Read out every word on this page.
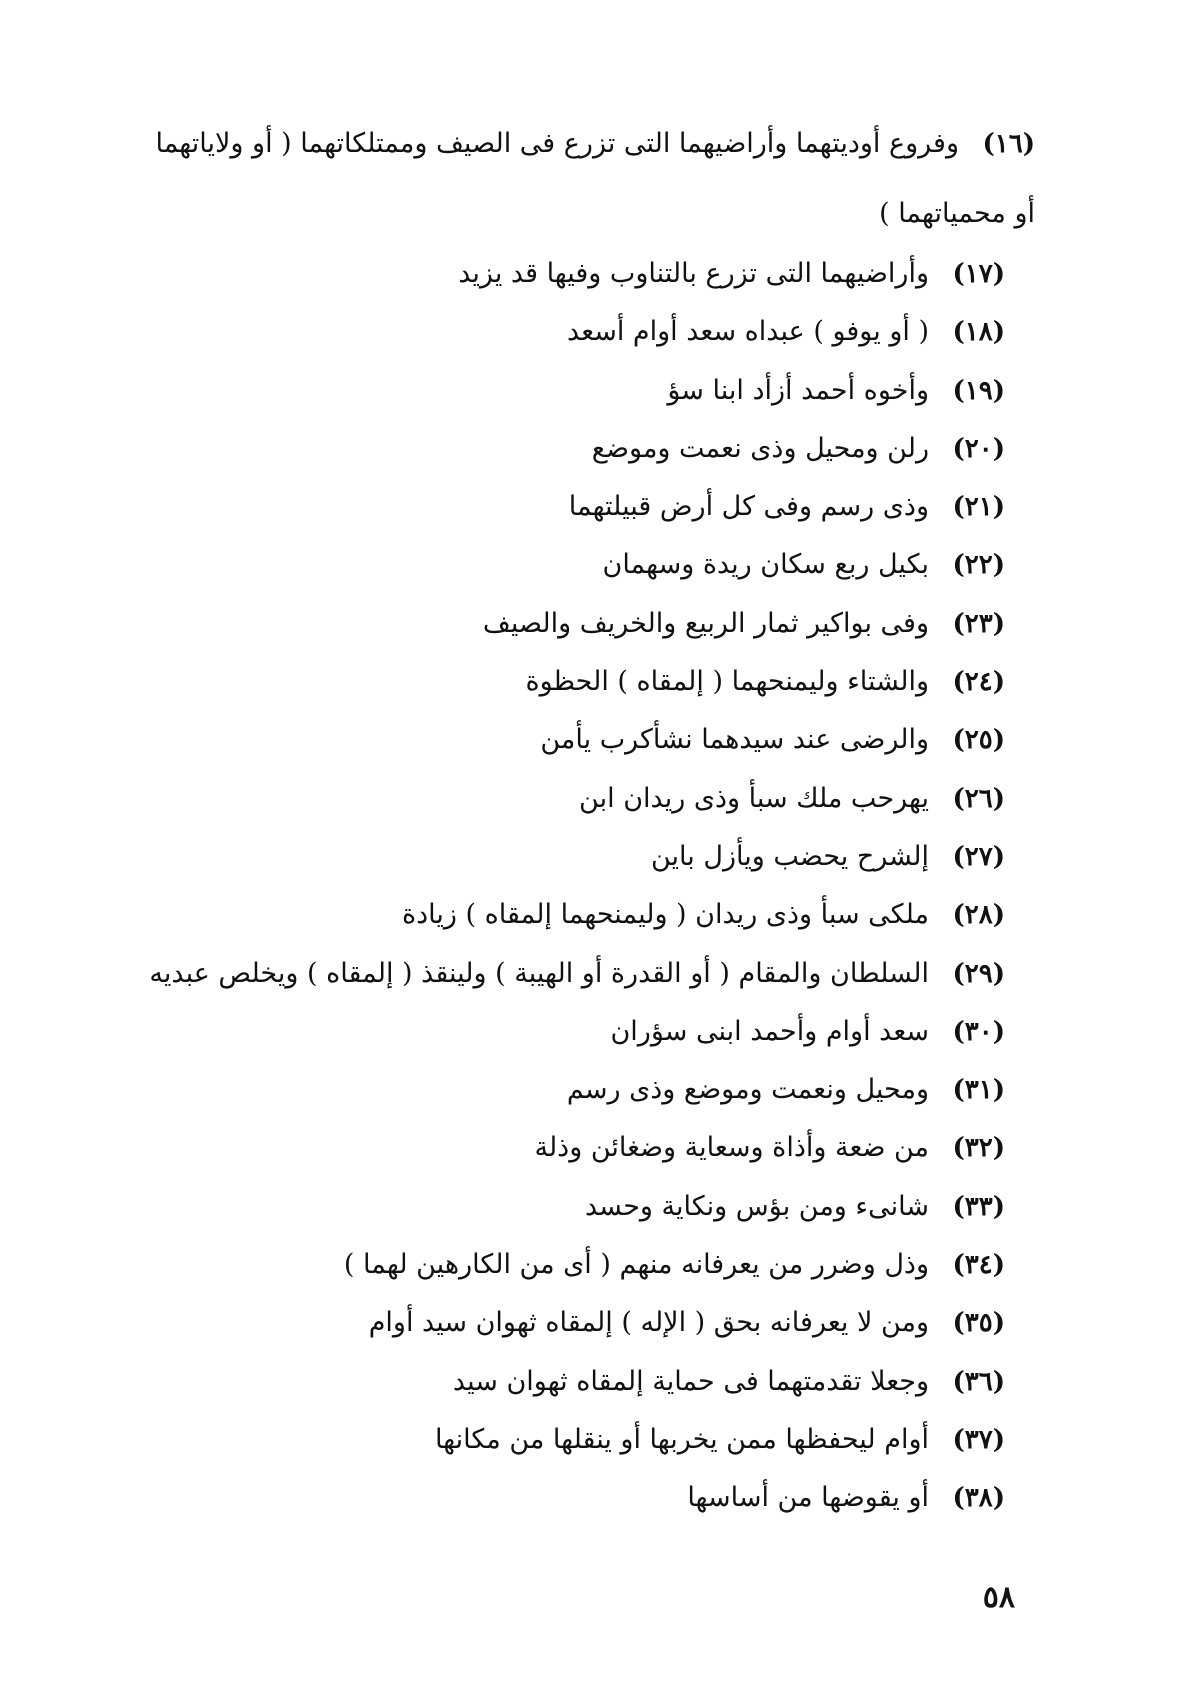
(١٦)
وفروع أوديتهما وأراضيهما التى تزرع فى الصيف وممتلكاتهما ( أو ولاياتهما
أو محمياتهما )
(١٧)
وأراضيهما التى تزرع بالتناوب وفيها قد يزيد
(١٨)
( أو يوفو ) عبداه سعد أوام أسعد
(١٩)
وأخوه أحمد أزأد ابنا سؤ
(٢٠)
رلن ومحيل وذى نعمت وموضع
(٢١)
وذى رسم وفى كل أرض قبيلتهما
(٢٢)
بكيل ربع سكان ريدة وسهمان
(٢٣)
وفى بواكير ثمار الربيع والخريف والصيف
(٢٤)
والشتاء وليمنحهما ( إلمقاه ) الحظوة
(٢٥)
والرضى عند سيدهما نشأكرب يأمن
(٢٦)
يهرحب ملك سبأ وذى ريدان ابن
(٢٧)
إلشرح يحضب ويأزل باين
(٢٨)
ملكى سبأ وذى ريدان ( وليمنحهما إلمقاه ) زيادة
(٢٩)
السلطان والمقام ( أو القدرة أو الهيبة ) ولينقذ ( إلمقاه ) ويخلص عبديه
(٣٠)
سعد أوام وأحمد ابنى سؤران
(٣١)
ومحيل ونعمت وموضع وذى رسم
(٣٢)
من ضعة وأذاة وسعاية وضغائن وذلة
(٣٣)
شانىء ومن بؤس ونكاية وحسد
(٣٤)
وذل وضرر من يعرفانه منهم ( أى من الكارهين لهما )
(٣٥)
ومن لا يعرفانه بحق ( الإله ) إلمقاه ثهوان سيد أوام
(٣٦)
وجعلا تقدمتهما فى حماية إلمقاه ثهوان سيد
(٣٧)
أوام ليحفظها ممن يخربها أو ينقلها من مكانها
(٣٨)
أو يقوضها من أساسها
٥٨
